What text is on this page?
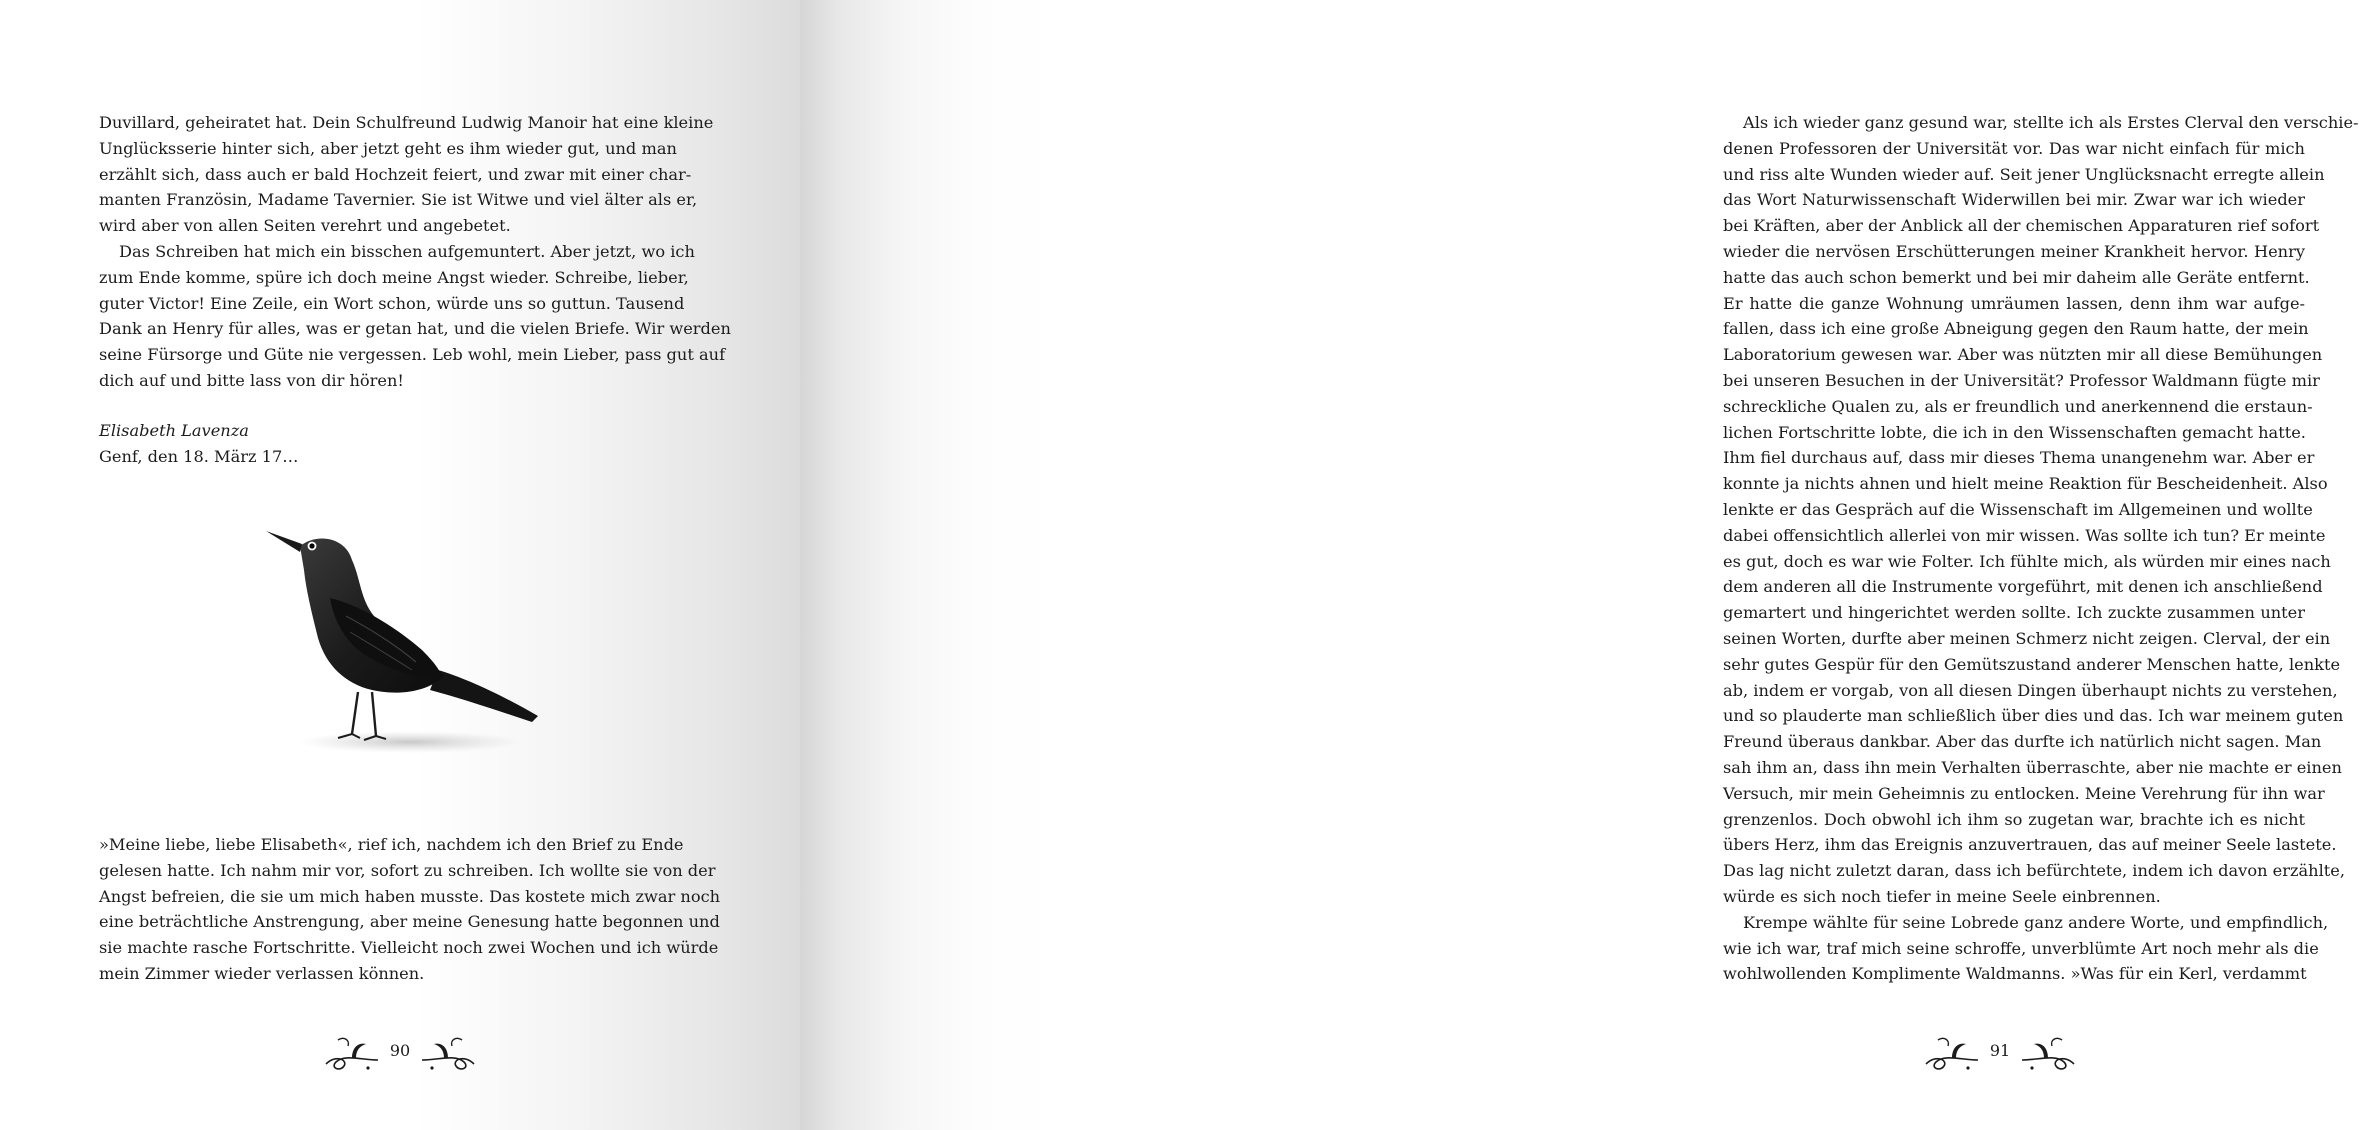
Duvillard, geheiratet hat. Dein Schulfreund Ludwig Manoir hat eine kleine
Unglücksserie hinter sich, aber jetzt geht es ihm wieder gut, und man
erzählt sich, dass auch er bald Hochzeit feiert, und zwar mit einer char-
manten Französin, Madame Tavernier. Sie ist Witwe und viel älter als er,
wird aber von allen Seiten verehrt und angebetet.
Das Schreiben hat mich ein bisschen aufgemuntert. Aber jetzt, wo ich
zum Ende komme, spüre ich doch meine Angst wieder. Schreibe, lieber,
guter Victor! Eine Zeile, ein Wort schon, würde uns so guttun. Tausend
Dank an Henry für alles, was er getan hat, und die vielen Briefe. Wir werden
seine Fürsorge und Güte nie vergessen. Leb wohl, mein Lieber, pass gut auf
dich auf und bitte lass von dir hören!
Elisabeth Lavenza
Genf, den 18. März 17…
»Meine liebe, liebe Elisabeth«, rief ich, nachdem ich den Brief zu Ende
gelesen hatte. Ich nahm mir vor, sofort zu schreiben. Ich wollte sie von der
Angst befreien, die sie um mich haben musste. Das kostete mich zwar noch
eine beträchtliche Anstrengung, aber meine Genesung hatte begonnen und
sie machte rasche Fortschritte. Vielleicht noch zwei Wochen und ich würde
mein Zimmer wieder verlassen können.
90
Als ich wieder ganz gesund war, stellte ich als Erstes Clerval den verschie-
denen Professoren der Universität vor. Das war nicht einfach für mich
und riss alte Wunden wieder auf. Seit jener Unglücksnacht erregte allein
das Wort Naturwissenschaft Widerwillen bei mir. Zwar war ich wieder
bei Kräften, aber der Anblick all der chemischen Apparaturen rief sofort
wieder die nervösen Erschütterungen meiner Krankheit hervor. Henry
hatte das auch schon bemerkt und bei mir daheim alle Geräte entfernt.
Er hatte die ganze Wohnung umräumen lassen, denn ihm war aufge-
fallen, dass ich eine große Abneigung gegen den Raum hatte, der mein
Laboratorium gewesen war. Aber was nützten mir all diese Bemühungen
bei unseren Besuchen in der Universität? Professor Waldmann fügte mir
schreckliche Qualen zu, als er freundlich und anerkennend die erstaun-
lichen Fortschritte lobte, die ich in den Wissenschaften gemacht hatte.
Ihm fiel durchaus auf, dass mir dieses Thema unangenehm war. Aber er
konnte ja nichts ahnen und hielt meine Reaktion für Bescheidenheit. Also
lenkte er das Gespräch auf die Wissenschaft im Allgemeinen und wollte
dabei offensichtlich allerlei von mir wissen. Was sollte ich tun? Er meinte
es gut, doch es war wie Folter. Ich fühlte mich, als würden mir eines nach
dem anderen all die Instrumente vorgeführt, mit denen ich anschließend
gemartert und hingerichtet werden sollte. Ich zuckte zusammen unter
seinen Worten, durfte aber meinen Schmerz nicht zeigen. Clerval, der ein
sehr gutes Gespür für den Gemütszustand anderer Menschen hatte, lenkte
ab, indem er vorgab, von all diesen Dingen überhaupt nichts zu verstehen,
und so plauderte man schließlich über dies und das. Ich war meinem guten
Freund überaus dankbar. Aber das durfte ich natürlich nicht sagen. Man
sah ihm an, dass ihn mein Verhalten überraschte, aber nie machte er einen
Versuch, mir mein Geheimnis zu entlocken. Meine Verehrung für ihn war
grenzenlos. Doch obwohl ich ihm so zugetan war, brachte ich es nicht
übers Herz, ihm das Ereignis anzuvertrauen, das auf meiner Seele lastete.
Das lag nicht zuletzt daran, dass ich befürchtete, indem ich davon erzählte,
würde es sich noch tiefer in meine Seele einbrennen.
Krempe wählte für seine Lobrede ganz andere Worte, und empfindlich,
wie ich war, traf mich seine schroffe, unverblümte Art noch mehr als die
wohlwollenden Komplimente Waldmanns. »Was für ein Kerl, verdammt
91
